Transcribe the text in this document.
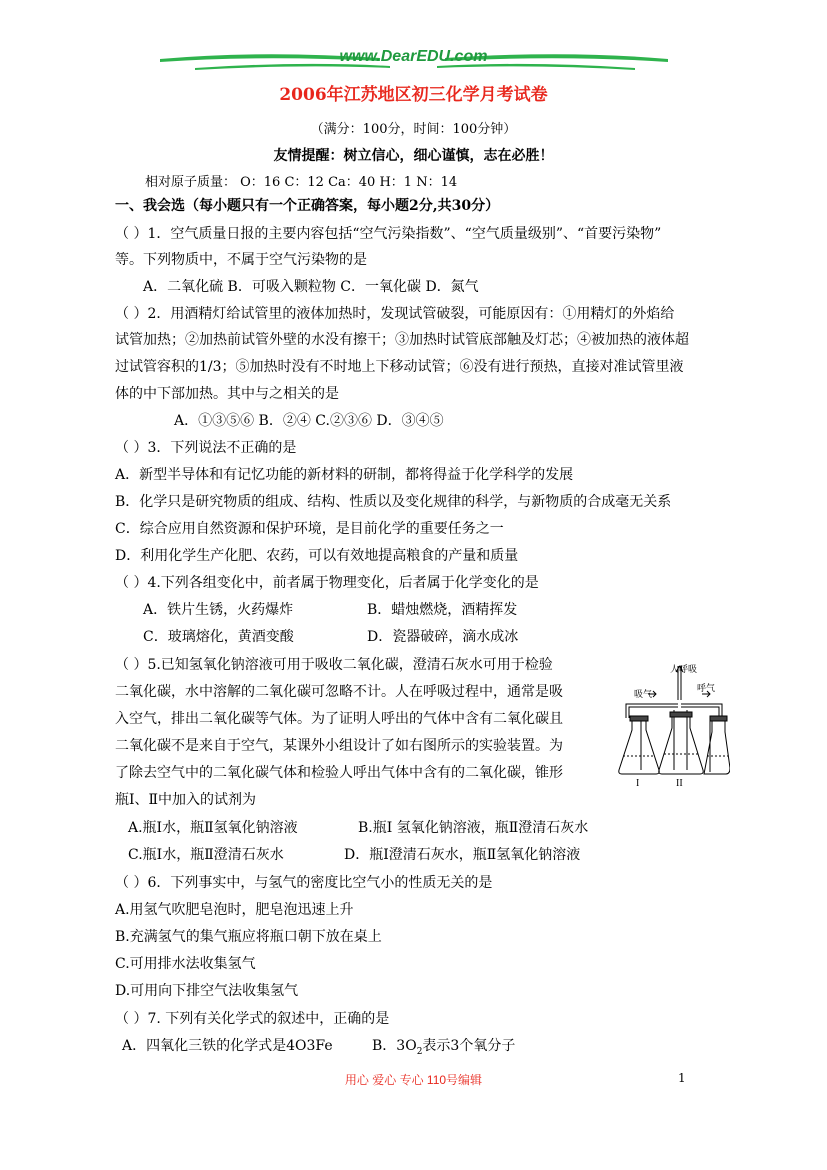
www.DearEDU.com
2006年江苏地区初三化学月考试卷
（满分：100分，时间：100分钟）
友情提醒：树立信心，细心谨慎，志在必胜！
相对原子质量： O：16 C：12 Ca：40 H：1 N：14
一、我会选（每小题只有一个正确答案，每小题2分,共30分）
（ ）1．空气质量日报的主要内容包括“空气污染指数”、“空气质量级别”、“首要污染物”
等。下列物质中，不属于空气污染物的是
A．二氧化硫 B．可吸入颗粒物 C．一氧化碳 D．氮气
（ ）2．用酒精灯给试管里的液体加热时，发现试管破裂，可能原因有：①用精灯的外焰给
试管加热；②加热前试管外壁的水没有擦干；③加热时试管底部触及灯芯；④被加热的液体超
过试管容积的1/3；⑤加热时没有不时地上下移动试管；⑥没有进行预热，直接对准试管里液
体的中下部加热。其中与之相关的是
A．①③⑤⑥ B．②④ C.②③⑥ D．③④⑤
（ ）3．下列说法不正确的是
A．新型半导体和有记忆功能的新材料的研制，都将得益于化学科学的发展
B．化学只是研究物质的组成、结构、性质以及变化规律的科学，与新物质的合成毫无关系
C．综合应用自然资源和保护环境，是目前化学的重要任务之一
D．利用化学生产化肥、农药，可以有效地提高粮食的产量和质量
（ ）4.下列各组变化中，前者属于物理变化，后者属于化学变化的是
A．铁片生锈，火药爆炸	B．蜡烛燃烧，酒精挥发
C．玻璃熔化，黄酒变酸	D．瓷器破碎，滴水成冰
（ ）5.已知氢氧化钠溶液可用于吸收二氧化碳，澄清石灰水可用于检验
二氧化碳，水中溶解的二氧化碳可忽略不计。人在呼吸过程中，通常是吸
入空气，排出二氧化碳等气体。为了证明人呼出的气体中含有二氧化碳且
二氧化碳不是来自于空气，某课外小组设计了如右图所示的实验装置。为
了除去空气中的二氧化碳气体和检验人呼出气体中含有的二氧化碳，锥形
瓶Ⅰ、Ⅱ中加入的试剂为
A.瓶Ⅰ水，瓶Ⅱ氢氧化钠溶液	B.瓶Ⅰ 氢氧化钠溶液，瓶Ⅱ澄清石灰水
C.瓶Ⅰ水，瓶Ⅱ澄清石灰水	D．瓶Ⅰ澄清石灰水，瓶Ⅱ氢氧化钠溶液
人呼吸
吸气
呼气
I	II
（ ）6．下列事实中，与氢气的密度比空气小的性质无关的是
A.用氢气吹肥皂泡时，肥皂泡迅速上升
B.充满氢气的集气瓶应将瓶口朝下放在桌上
C.可用排水法收集氢气
D.可用向下排空气法收集氢气
（ ）7. 下列有关化学式的叙述中，正确的是
A．四氧化三铁的化学式是4O3Fe	B．$3O_2$表示3个氧分子
用心 爱心 专心 110号编辑	1
